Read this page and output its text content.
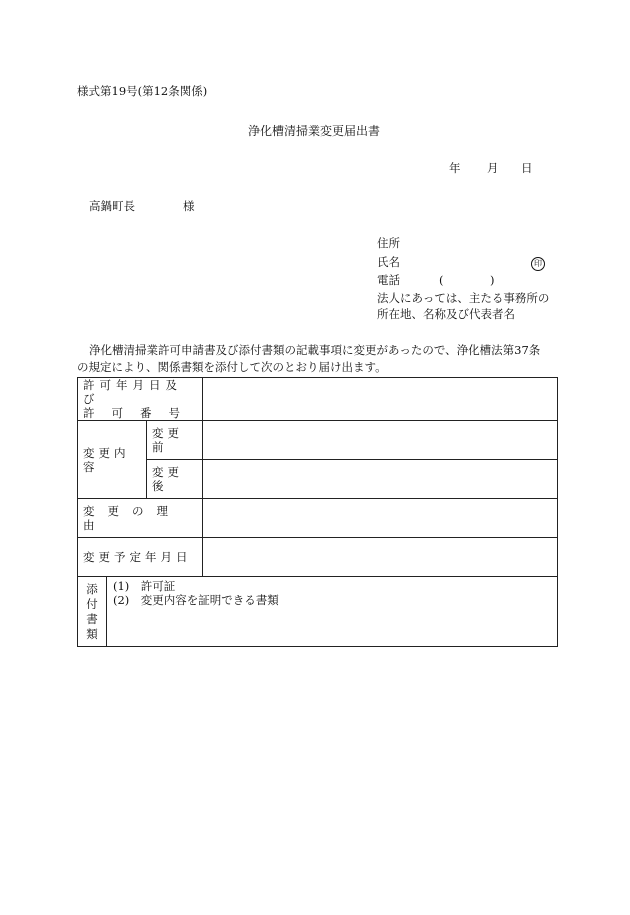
様式第19号(第12条関係)
浄化槽清掃業変更届出書
年 月 日
高鍋町長	様
住所
氏名	印
電話	(	)
法人にあっては、主たる事務所の
所在地、名称及び代表者名
浄化槽清掃業許可申請書及び添付書類の記載事項に変更があったので、浄化槽法第37条
の規定により、関係書類を添付して次のとおり届け出ます。
許可年月日及び
許可番号			

変更内容		変更前	
		変更後	
変更の理由			
変更予定年月日			

添付書類	(1)　許可証
(2)　変更内容を証明できる書類		
